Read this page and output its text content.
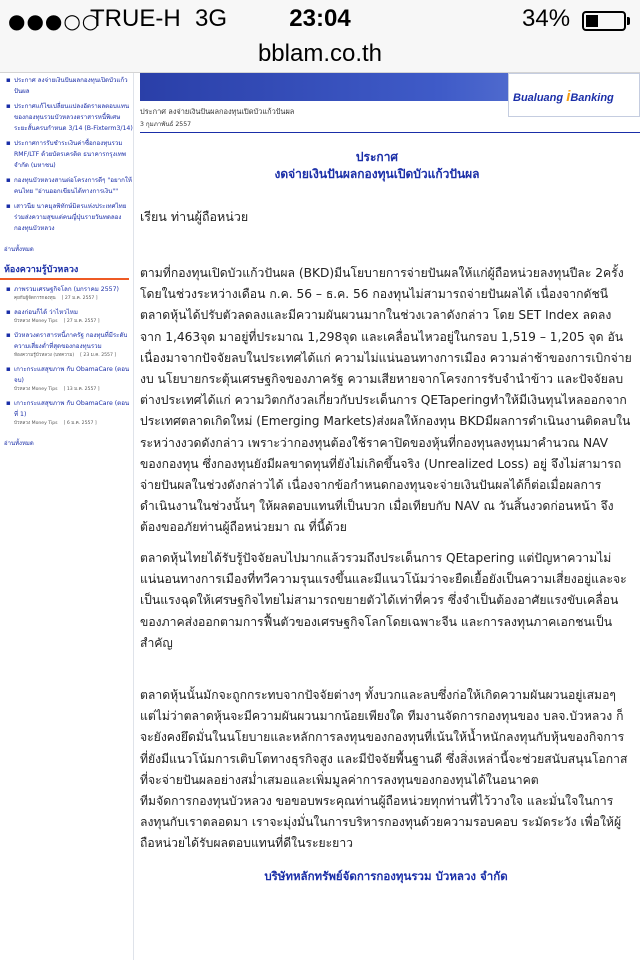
●●●○○
TRUE-H 3G	23:04	34%
bblam.co.th
▪ ประกาศ ลงจ่ายเงินปันผลกองทุนเปิดบัวแก้วปันผล
▪ ประกาศแก้ไขเปลี่ยนแปลงอัตราผลตอบแทนของกองทุนรวมบัวหลวงตราสารหนี้พิเศษระยะสั้นครบกำหนด 3/14 (B-Fixterm3/14)
▪ ประกาศการรับชำระเงินค่าซื้อกองทุนรวม RMF/LTF ด้วยบัตรเครดิต ธนาคารกรุงเทพ จำกัด (มหาชน)
▪ กองทุนบัวหลวงสานต่อโครงการดีๆ "อยากให้คนไทย "อ่านออกเขียนได้ทางการเงิน""
▪ เสาวนีย นาคมุลพิทักษ์มิตรแห่งประเทศไทย ร่วมส่งความสุขแด่คนญี่ปุ่นรายวันทดลองกองทุนบัวหลวง
อ่านทั้งหมด
ห้องความรู้บัวหลวง
▪ ภาพรวมเศรษฐกิจโลก (มกราคม 2557)
คุยกับผู้จัดการกองทุน [ 27 ม.ค. 2557 ]
▪ ลองก่อนก็ได้ ว่าไหวไหม
บัวหลวง Money Tips [ 27 ม.ค. 2557 ]
▪ บัวหลวงตราสารหนี้ภาครัฐ กองทุนที่มีระดับความเสี่ยงต่ำที่สุดของกองทุนรวม
ห้องความรู้บัวหลวง (บทความ) [ 23 ม.ค. 2557 ]
▪ เกาะกระแสสุขภาพ กับ ObamaCare (ตอนจบ)
บัวหลวง Money Tips [ 13 ม.ค. 2557 ]
▪ เกาะกระแสสุขภาพ กับ ObamaCare (ตอนที่ 1)
บัวหลวง Money Tips [ 6 ม.ค. 2557 ]
อ่านทั้งหมด
Bualuang iBanking
ประกาศ ลงจ่ายเงินปันผลกองทุนเปิดบัวแก้วปันผล
3 กุมภาพันธ์ 2557
ประกาศ
งดจ่ายเงินปันผลกองทุนเปิดบัวแก้วปันผล
เรียน ท่านผู้ถือหน่วย

ตามที่กองทุนเปิดบัวแก้วปันผล (BKD)มีนโยบายการจ่ายปันผลให้แก่ผู้ถือหน่วยลงทุนปีละ 2ครั้ง โดยในช่วงระหว่างเดือน ก.ค. 56 – ธ.ค. 56 กองทุนไม่สามารถจ่ายปันผลได้ เนื่องจากดัชนีตลาดหุ้นได้ปรับตัวลดลงและมีความผันผวนมากในช่วงเวลาดังกล่าว โดย SET Index ลดลงจาก 1,463จุด มาอยู่ที่ประมาณ 1,298จุด และเคลื่อนไหวอยู่ในกรอบ 1,519 – 1,205 จุด อันเนื่องมาจากปัจจัยลบในประเทศได้แก่ ความไม่แน่นอนทางการเมือง ความล่าช้าของการเบิกจ่ายงบ นโยบายกระตุ้นเศรษฐกิจของภาครัฐ ความเสียหายจากโครงการรับจำนำข้าว และปัจจัยลบต่างประเทศได้แก่ ความวิตกกังวลเกี่ยวกับประเด็นการ QETaperingทำให้มีเงินทุนไหลออกจากประเทศตลาดเกิดใหม่ (Emerging Markets)ส่งผลให้กองทุน BKDมีผลการดำเนินงานติดลบในระหว่างงวดดังกล่าว เพราะว่ากองทุนต้องใช้ราคาปิดของหุ้นที่กองทุนลงทุนมาคำนวณ NAV ของกองทุน ซึ่งกองทุนยังมีผลขาดทุนที่ยังไม่เกิดขึ้นจริง (Unrealized Loss) อยู่ จึงไม่สามารถจ่ายปันผลในช่วงดังกล่าวได้ เนื่องจากข้อกำหนดกองทุนจะจ่ายเงินปันผลได้ก็ต่อเมื่อผลการดำเนินงานในช่วงนั้นๆ ให้ผลตอบแทนที่เป็นบวก เมื่อเทียบกับ NAV ณ วันสิ้นงวดก่อนหน้า จึงต้องขออภัยท่านผู้ถือหน่วยมา ณ ที่นี้ด้วย

ตลาดหุ้นไทยได้รับรู้ปัจจัยลบไปมากแล้วรวมถึงประเด็นการ QEtapering แต่ปัญหาความไม่แน่นอนทางการเมืองที่ทวีความรุนแรงขึ้นและมีแนวโน้มว่าจะยืดเยื้อยังเป็นความเสี่ยงอยู่และจะเป็นแรงฉุดให้เศรษฐกิจไทยไม่สามารถขยายตัวได้เท่าที่ควร ซึ่งจำเป็นต้องอาศัยแรงขับเคลื่อนของภาคส่งออกตามการฟื้นตัวของเศรษฐกิจโลกโดยเฉพาะจีน และการลงทุนภาคเอกชนเป็นสำคัญ

ตลาดหุ้นนั้นมักจะถูกกระทบจากปัจจัยต่างๆ ทั้งบวกและลบซึ่งก่อให้เกิดความผันผวนอยู่เสมอๆ แต่ไม่ว่าตลาดหุ้นจะมีความผันผวนมากน้อยเพียงใด ทีมงานจัดการกองทุนของ บลจ.บัวหลวง ก็จะยังคงยึดมั่นในนโยบายและหลักการลงทุนของกองทุนที่เน้นให้น้ำหนักลงทุนกับหุ้นของกิจการที่ยังมีแนวโน้มการเติบโตทางธุรกิจสูง และมีปัจจัยพื้นฐานดี ซึ่งสิ่งเหล่านี้จะช่วยสนับสนุนโอกาสที่จะจ่ายปันผลอย่างสม่ำเสมอและเพิ่มมูลค่าการลงทุนของกองทุนได้ในอนาคต

ทีมจัดการกองทุนบัวหลวง ขอขอบพระคุณท่านผู้ถือหน่วยทุกท่านที่ไว้วางใจ และมั่นใจในการลงทุนกับเราตลอดมา เราจะมุ่งมั่นในการบริหารกองทุนด้วยความรอบคอบ ระมัดระวัง เพื่อให้ผู้ถือหน่วยได้รับผลตอบแทนที่ดีในระยะยาว

บริษัทหลักทรัพย์จัดการกองทุนรวม บัวหลวง จำกัด
